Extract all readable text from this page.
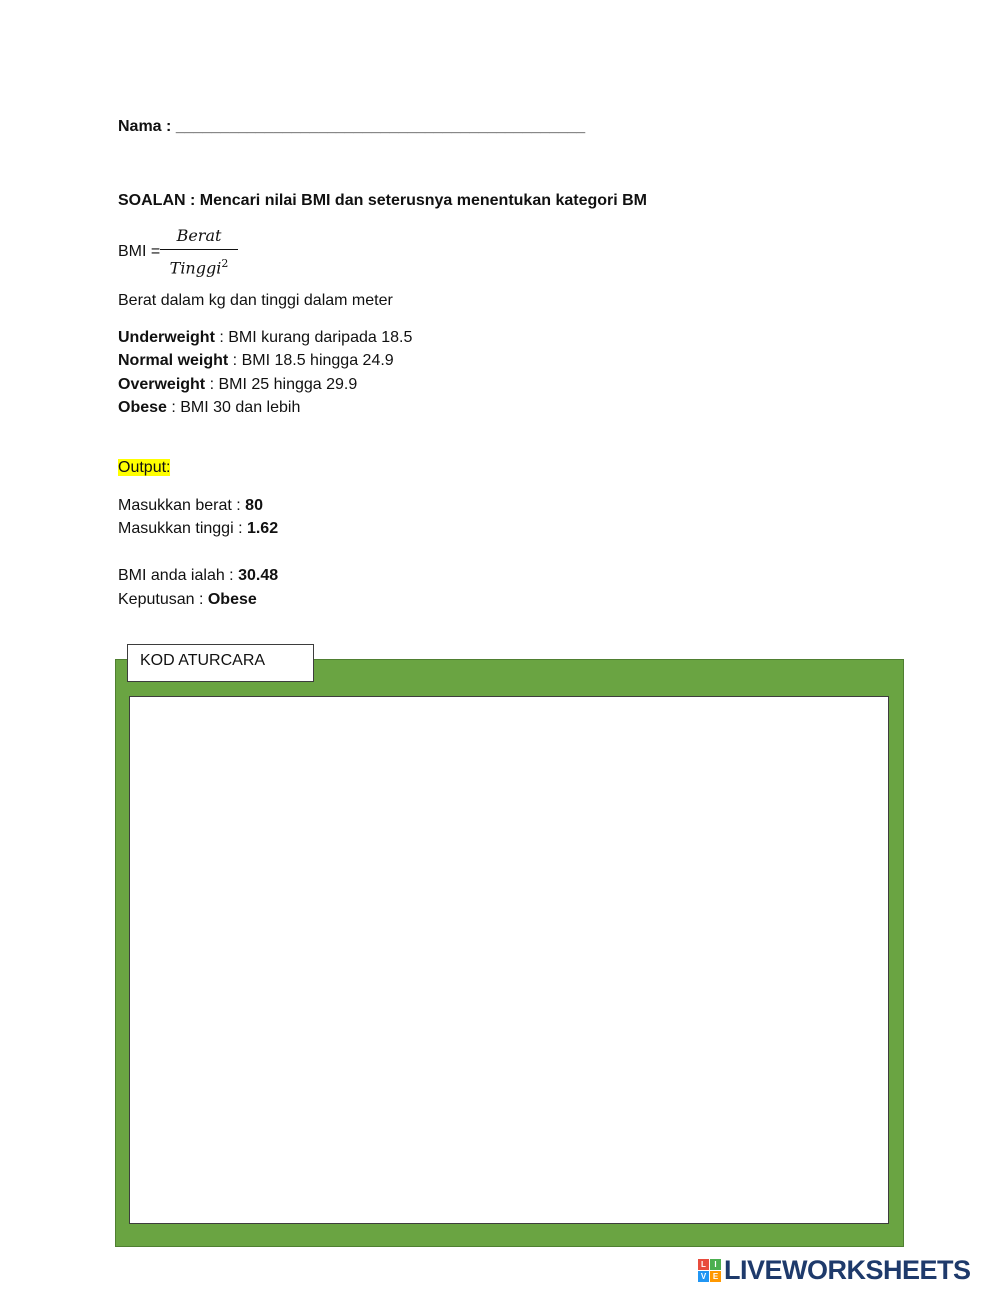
Nama : ______________________________________________
SOALAN : Mencari nilai BMI dan seterusnya menentukan kategori BM
BMI =
Berat
Tinggi$^2$
Berat dalam kg dan tinggi dalam meter
Underweight : BMI kurang daripada 18.5
Normal weight : BMI 18.5 hingga 24.9
Overweight : BMI 25 hingga 29.9
Obese : BMI 30 dan lebih
Output:
Masukkan berat : 80
Masukkan tinggi : 1.62
BMI anda ialah : 30.48
Keputusan : Obese
KOD ATURCARA
L	I
V E LIVEWORKSHEETS
